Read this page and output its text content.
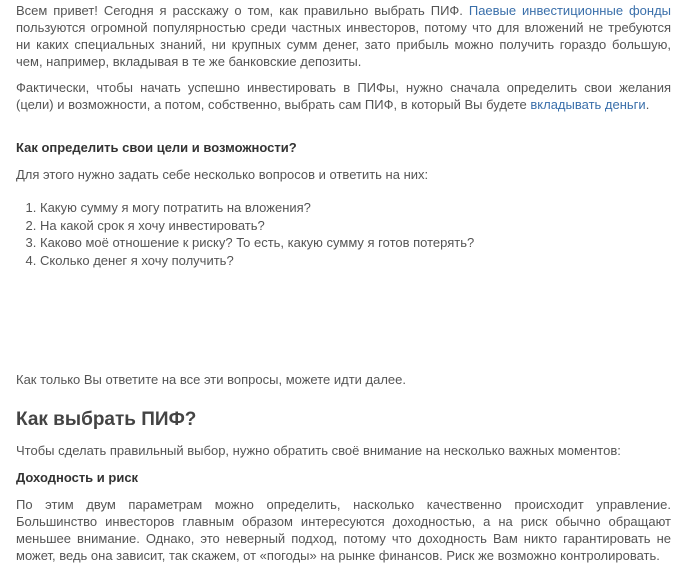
Всем привет! Сегодня я расскажу о том, как правильно выбрать ПИФ. Паевые инвестиционные фонды пользуются огромной популярностью среди частных инвесторов, потому что для вложений не требуются ни каких специальных знаний, ни крупных сумм денег, зато прибыль можно получить гораздо большую, чем, например, вкладывая в те же банковские депозиты.

Фактически, чтобы начать успешно инвестировать в ПИФы, нужно сначала определить свои желания (цели) и возможности, а потом, собственно, выбрать сам ПИФ, в который Вы будете вкладывать деньги.

Как определить свои цели и возможности?

Для этого нужно задать себе несколько вопросов и ответить на них:

1. Какую сумму я могу потратить на вложения?
2. На какой срок я хочу инвестировать?
3. Каково моё отношение к риску? То есть, какую сумму я готов потерять?
4. Сколько денег я хочу получить?

Как только Вы ответите на все эти вопросы, можете идти далее.

Как выбрать ПИФ?

Чтобы сделать правильный выбор, нужно обратить своё внимание на несколько важных моментов:

Доходность и риск

По этим двум параметрам можно определить, насколько качественно происходит управление. Большинство инвесторов главным образом интересуются доходностью, а на риск обычно обращают меньшее внимание. Однако, это неверный подход, потому что доходность Вам никто гарантировать не может, ведь она зависит, так скажем, от «погоды» на рынке финансов. Риск же возможно контролировать.
